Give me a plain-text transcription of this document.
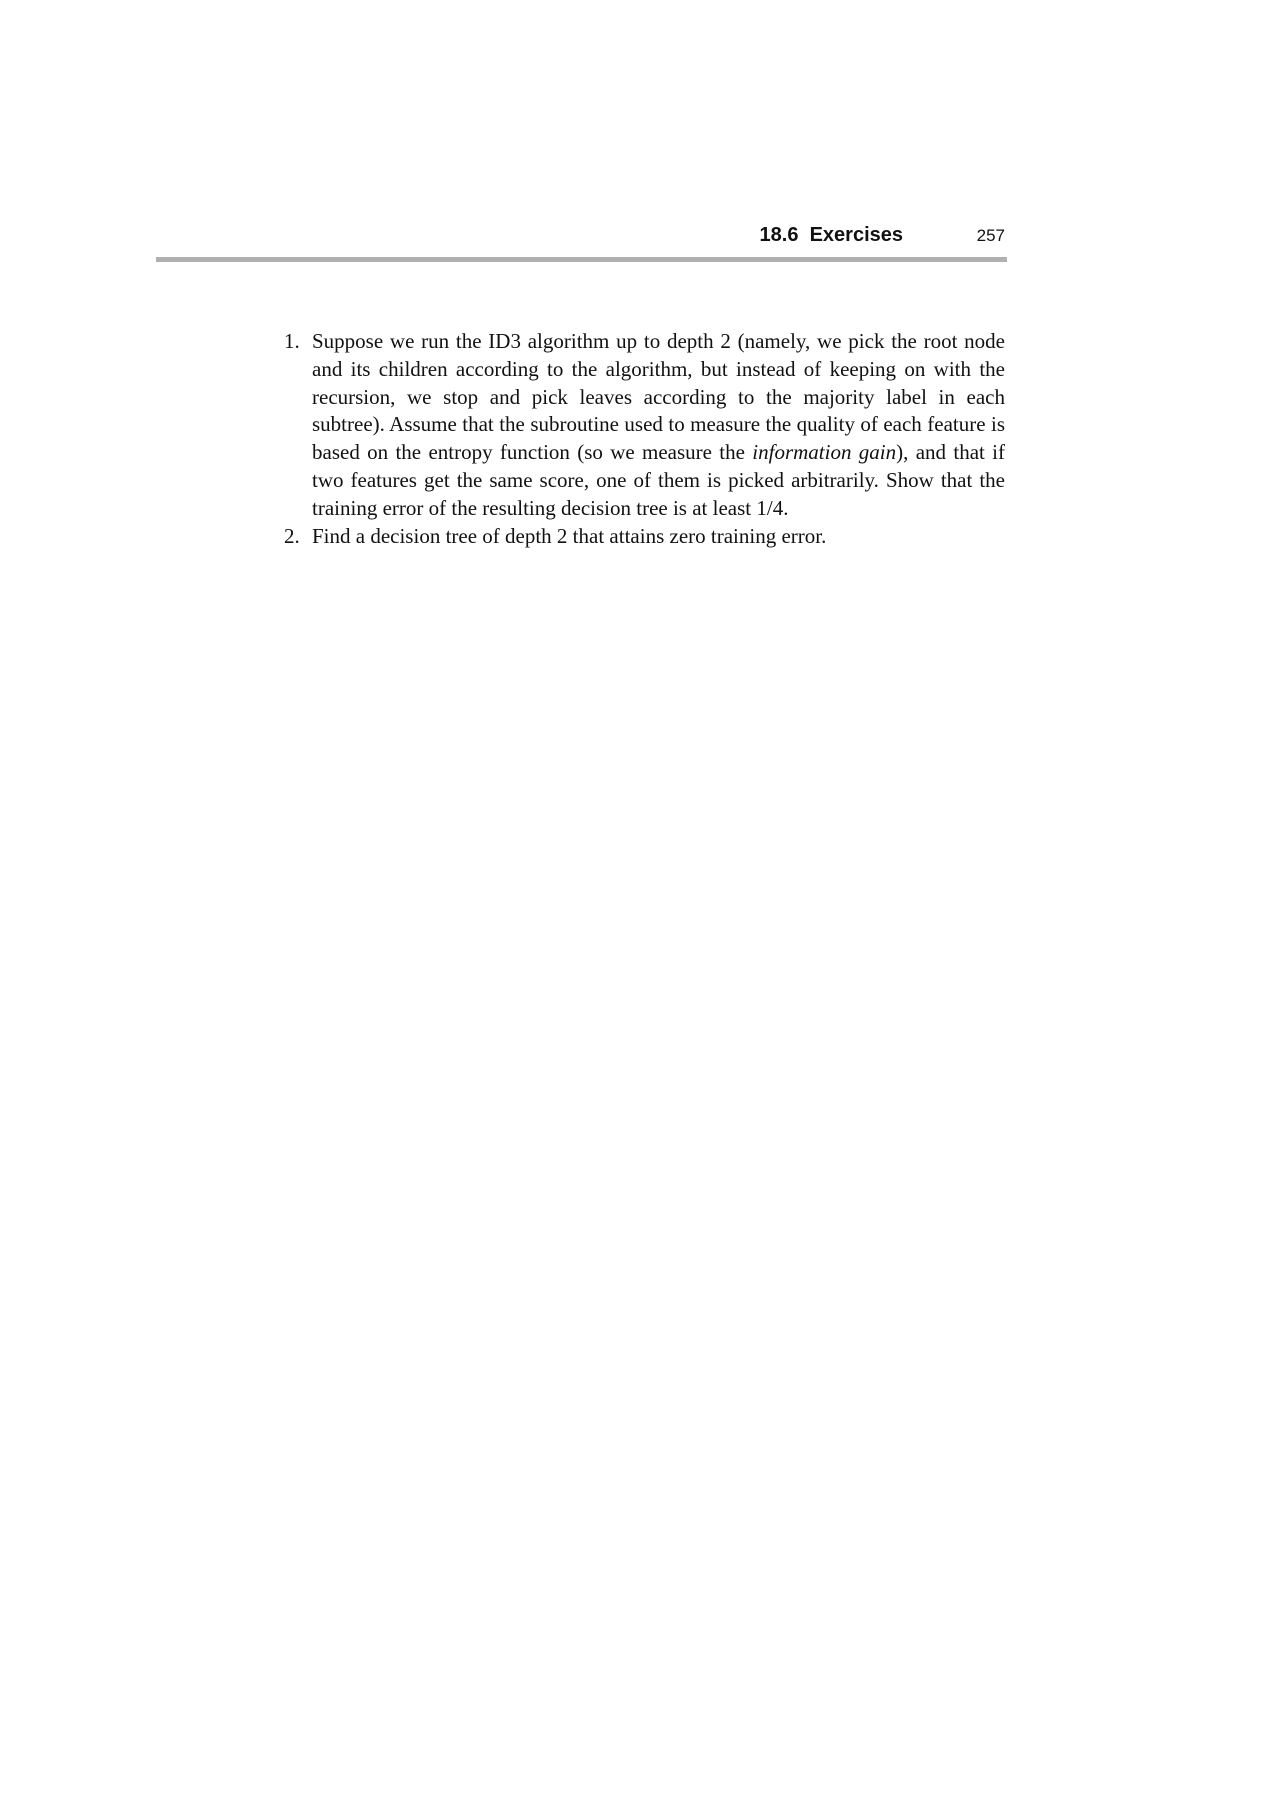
18.6  Exercises	257
1. Suppose we run the ID3 algorithm up to depth 2 (namely, we pick the root node and its children according to the algorithm, but instead of keeping on with the recursion, we stop and pick leaves according to the majority label in each subtree). Assume that the subroutine used to measure the quality of each feature is based on the entropy function (so we measure the information gain), and that if two features get the same score, one of them is picked arbitrarily. Show that the training error of the resulting decision tree is at least 1/4.
2. Find a decision tree of depth 2 that attains zero training error.
